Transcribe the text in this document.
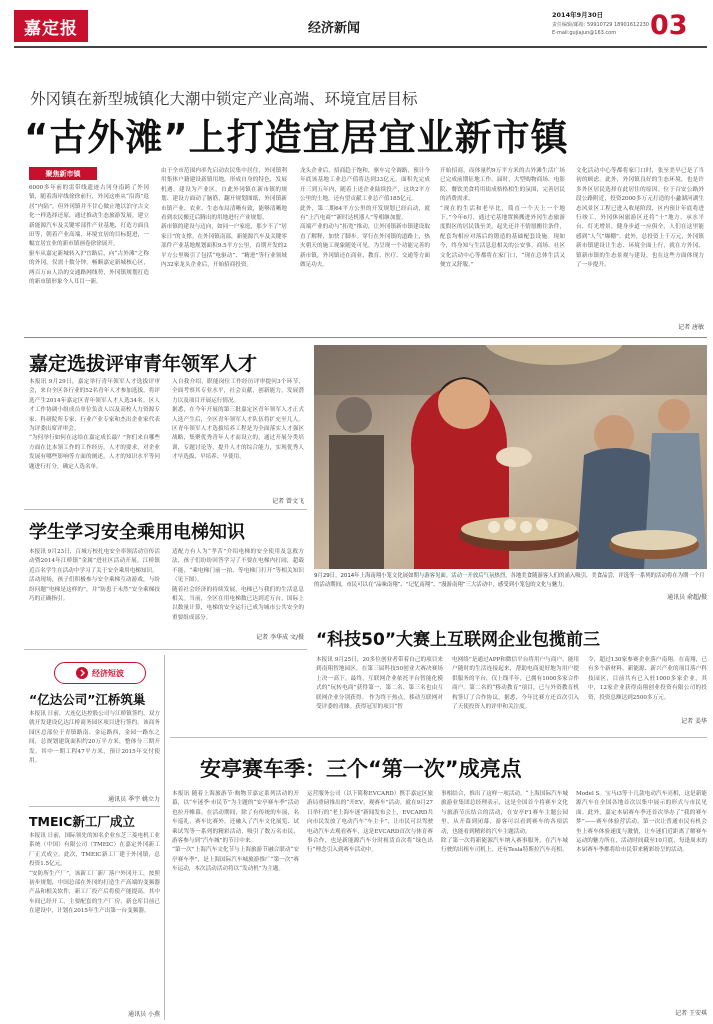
嘉定报	经济新闻
2014年9月30日
责任编辑/邮箱: 59910729 18901612230
E-mail:gujiajun@163.com 03
外冈镇在新型城镇化大潮中锁定产业高端、环境宜居目标
“古外滩”上打造宜居宜业新市镇
聚焦新市镇
6000多年前的雷带线遗迹古冈身南跨了外冈镇，随着海岸线徐徐前行，外冈这座从“沿海”退居“内陆”。但外冈镇并不甘心做止地以泊守古文化一样选择还原，通过推动生态旅游发展，建立新能源汽车及关键零部件产业基地，打造方面良田等，朝着产业高端、环境宜居的目标挺进，一幅宜居宜业的新市镇画卷徐徐展开。
驱车从嘉定新城转入沪宜路后，向“古外滩”之称的外冈，仅需十数分钟。畅顺嘉定新城核心区，两百万亩人沿的交通路网线势，外冈镇规划打造的新市镇形象今人耳目一新。
由于全市范围内率先启动农民集中居住，外冈镇利用集体户籍建设新镇用地，形成自身的特色，发展机遇。建设为产业区，自此外冈镇在新市镇的规划、建设方面动了脑筋，翻开规划图纸，外冈镇新市镇产业、农业、生态布局清晰有致，能够清晰地看到农民搬迁后腾出的用地进行产业规划。
新市镇的建设与迈向，如同一户家庭，那少不了“居家日”的支撑。在外冈镇南部，新能源汽车及关键零部件产业基地规划面积9.5平方公里，首期开发的2平方公里吸引了包括“电驱动”、“精进”等行业领域内32家龙头企业后，开始招商投资。
龙头企业后，招商趋于饱和，驱车完全调路，预计今年底该基地工业总产值将达到33亿元，面积先完成开三到五年内，随着上述企业陆续投产，这块2平方公里的土地，还有望贡献工业总产值185亿元。
此外，第二期64平方公里的开发规划已经启动，就有“上汽电商”“新时达机器人”等相继加盟。
高端产业的动与“拓宽”推动，让外冈镇新市镇建设取直了解释，加快了脚步。穿行在外冈镇的道路上，热火朝天的施工现象随处可见。为呈现一个功能完善的新市镇，外冈镇还在商业、教育、医疗、交通等方面做足功夫。
开始招商，而体量约9万平方米的古外滩生活广场已完成前期征地工作。届时，大型购物商场、电影院、餐饮美食将用街成格格相生的氛围，完善居民的消费需求。
“现在的生活和老早比，简直一个天上一个地下。”今年6月，通过宅基地置换搬进外冈生态旅游度假区的居民钱至美，起先还并不情愿搬往条件，配套均相应对落后的锻造的基础配套设施。现如今，终身知与生活息息相关的公安事、商场、社区文化活动中心等都将在家门口，“现在总体生活又便宜又舒服。”
文化活动中心等都将家门口时，张至美早已是了当初的顾虑。此外，外冈镇良好的生态环境，也是许多外区居民选择在此居住的原因。位于百安公路外段公路附近，投资2000多万元打造的小蠡湖河湖生态风景区工程已进入收尾阶段，区内预计年底将进行竣工，外冈休闲旅游区还将“十”地方，承水平台，灯光增景，健身步道一应俱全，人们在这里能感到“人气”爆棚”。此外，总投资上千万元，外冈镇新市镇建设让生态、环境全面上行，就在方外冈，镇新市镇的生态景观与建设，也在这些方面体现力了一步提升。
记者 唐敏
嘉定选拔评审青年领军人才
本报讯 9月29日，嘉定举行青年领军人才选拔评审会，来自全区各行业的52名青年人才参加选拔，将评选产生2014年嘉定区青年领军人才人选34名。区人才工作协调小组成员单位负责人以及高校人力资源专家、科研院所专家、行业产业专家和杰出企业家代表为评委出席评审会。
“为何举行如何在这给在嘉定成长最？”你们来自哪些方面在比本领工作的工作经历，人才的要求，对企业发展有哪些影响等方面的阐述，人才的知识水平等问题进行打分，确定人选名单。
入自我介绍，职能岗位工作经历评审提问3个环节，全面考察其专业水平，社会贡献，创新能力，发展潜力以及项目开展运行情况。
据悉，在今年开展的第三批嘉定区青年领军人才正式人选产生后，全区青年领军人才队伍将扩充至几人。区青年领军人才选拔培养工程是为全面落实人才强区战略，集聚优秀青年人才而设立的，通过开展分类培训，专题讨论等，提升人才的综合能力，实现优秀人才早选拔、早培养、早使用。
记者 曾文飞
9月29日，2014年上海南翔小笼文化展如期与游客见面。活动一开放后气氛热烈，各地美食随游客人们的涌入吸引，美食品尝，评选等一系列的活动将在为期一个月的活动期间，市民可以在“品味南翔”、“记忆南翔”、“漫游南翔”三大活动中，感受到小笼包的文化与魅力。
通讯员 俞超/摄
学生学习安全乘用电梯知识
本报讯 9月23日，百城万校扎电安全率领活动宣传活动暨2014年江桥镇“金属”进社区活动开展。江桥镇近百名学生在活动中学习了关于安全乘用电梯知识。
活动现场，孩子们积极参与安全乘梯互动游戏，与纷纷问题“电梯是这样的”，并“防患于未然”安全乘梯技巧的正确指引。
适配方有人为“孝苦”介绍电梯的安全使用及急救方法，孩子们纷纷回答学习了不要在电梯内打闹，超载不能，“乘电梯门前一拍、等电梯门打开”等相关知识（见下图）。
随着社会经济的持续发展，电梯已与我们的生活息息相关。当前，全区在用电梯数已达到近万台，国际上以数量计算，电梯的安全运行已成为城市公共安全的重要组成部分。
记者 李华成 文/摄
经济短波
“亿达公司”江桥筑巢
本报讯 日前，大连亿达控股公司与江桥镇签约，双方就开发建设亿达江桥商务园区项目进行签约。该商务园区总部位于青镇路南、金运路西，金园一路东之间，总规划建筑面积约20万平方米，整体分三期开发，其中一期工程47平方米，预计2015年交付使用。
通讯员 季宇 姚立力
TMEIC新工厂成立
本报讯 日前，国际领先的知名企业东芝三菱电机工业系统（中国）有限公司（TMEIC）在嘉定外冈新工厂正式成立。此次，TMEIC新工厂建于外冈镇，总投资1.5亿元。
“安防所生产厂”，该新工厂新厂落户外冈开工，按照初步规划，中国总部在外冈的打造生产高端的变频器产品和相关软件，新工厂投产后将使产能提高，其中车间已经开工，主要配套的生产厂房、新仓库目前已在建设中，计划在2015年生产出第一台变频器。
通讯员 小燕
“科技50”大赛上互联网企业包揽前三
本报讯 9月25日，20多位创业者带着自己的项目来到南翔智地园区，在第三届科技50创业大赛决赛场上决一高下。最终，互联网企业依托平台智能化模式的“玩转电商”获得第一，第二名、第三名也由互联网企业分别获得。 作为终于热点，移动互联网对受评委的青睐。获得冠军的项目“智
电网络”是通过APP和微信平台将用户与商户、能用户随时的生活连接起来，帮助电商更好地为用户提供服务的平台，仅上线半年，已拥有1000多家合作商户。第二名的“移动教育”项目，已与外资教育机构签订了合作协议。据悉，今年比赛方还首次引入了天使投资人的评审和关注度。
令，超过130家参赛企业落户南翔。在南翔，已有多个新材料、新能源、新兴产业的项目落户科技园区，目前共有已入驻1000多家企业，其中，12家企业获得南翔创业投资有限公司的投资，投资总额达到2500多万元。
记者 姜华
安亭赛车季：三个“第一次”成亮点
本报讯 随着上海旅游节·购物节嘉定系列活动的开幕，以“车迷季·市民节”为主题的“安亭赛车季”活动也拉开帷幕。在活动期间，除了有传统的车展，名车巡礼，赛车比赛外，还融入了汽车文化展览、试乘试驾等一系列的精彩活动，吸引了数万名市民、游客参与到“汽车城”的节日中来。
“第一次”上海汽车文化节与上海旅游节融合联动“安亭赛车季”，是上海国际汽车城旅游推广“第一次”赛车运动，本次活动活动将以“发动机”为主题。
运营服务公司（以下简称EVCARD）携手嘉定区旅游局重磅推出的“开EV，观赛车”活动。就在9月27日举行的“老上海车迷”新闻发布会上，EVCARD共向市民发放了电动汽车“车主卡”，让市民可以驾驶电动汽车去观看赛车，这是EVCARD首次与体育赛事合作，也是新能源汽车分时租赁首次将“绿色出行”理念引入到赛车活动中。
事相结合，推出了这样一项活动。“上海国际汽车城旅游业集团总经理表示，这是全国首个将赛车文化与旅游节庆结合的活动，在安亭F1赛车主题公园里，从开幕到闭幕，游客可以看到赛车的各项活动，也能看到精彩的汽车主题活动。
除了第一次将新能源汽车纳入赛事服务，在汽车城行驶的出租车司机上，还有Tesla特斯拉汽车亮相。
Model S。宝马i3等十几款电动汽车亮相，这是新能源汽车在全国各地首次以集中展示的形式与市民见面。此外，嘉定本届赛车季还首次举办了“我的赛车梦”——赛车体验营活动，第一次让普通市民有机会坐上赛车体验速度与激情，让车迷们近距离了解赛车运动的魅力所在，活动时间截至10月底，每逢周末的本届赛车季都将给市民带来精彩纷呈的活动。
记者 王安琪
